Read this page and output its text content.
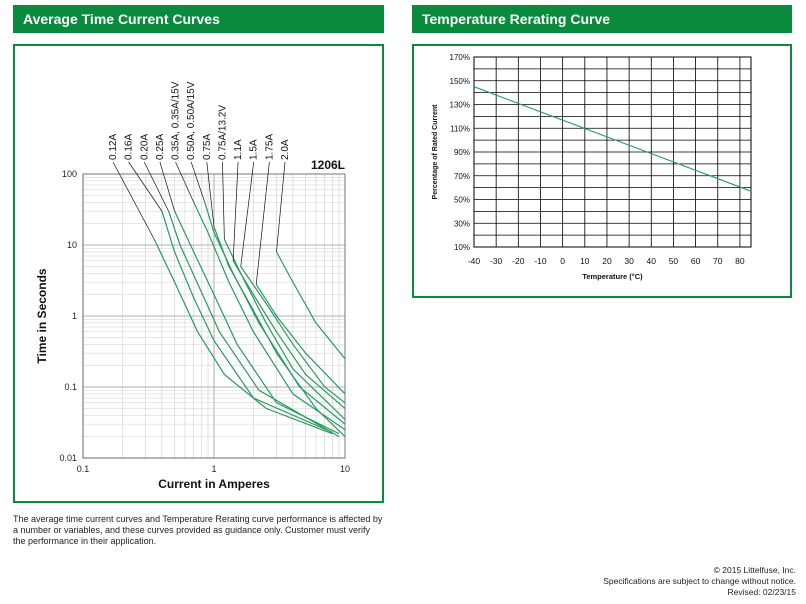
Average Time Current Curves	Temperature Rerating Curve
0.1	1	10
0.01
0.1
1
10
100
Current in Amperes
Time in Seconds
1206L
0.12A 0.16A 0.20A 0.25A 0.35A, 0.35A/15V 0.50A, 0.50A/15V 0.75A 0.75A/13.2V 1.1A 1.5A 1.75A 2.0A
-40 -30 -20 -10 0 10 20 30 40 50 60 70 80
10%
30%
50%
70%
90%
110%
130%
150%
170%
Temperature (°C)
Percentage of Rated Current
The average time current curves and Temperature Rerating curve performance is affected by a number or variables, and these curves provided as guidance only. Customer must verify the performance in their application.
© 2015 Littelfuse, Inc.
Specifications are subject to change without notice.
Revised: 02/23/15
